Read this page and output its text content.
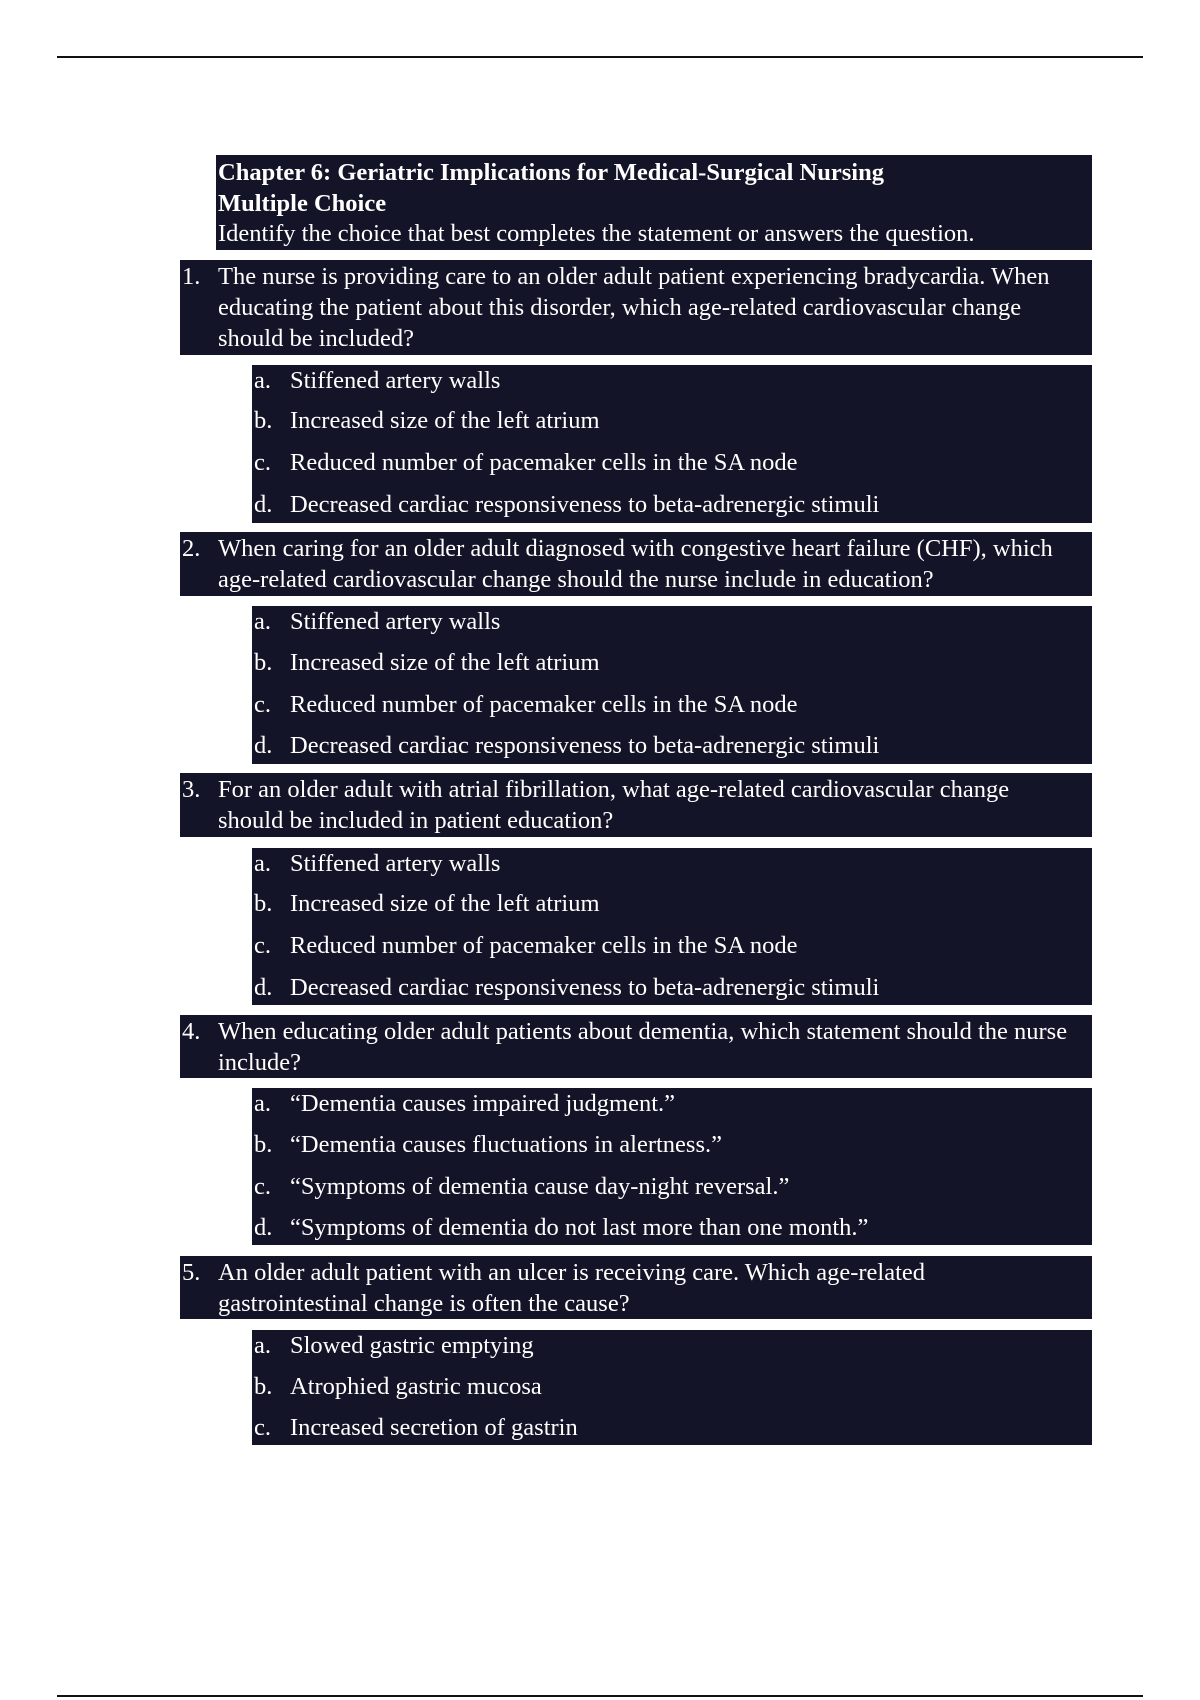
Chapter 6: Geriatric Implications for Medical-Surgical Nursing
Multiple Choice
Identify the choice that best completes the statement or answers the question.
1. The nurse is providing care to an older adult patient experiencing bradycardia. When educating the patient about this disorder, which age-related cardiovascular change should be included?
a. Stiffened artery walls
b. Increased size of the left atrium
c. Reduced number of pacemaker cells in the SA node
d. Decreased cardiac responsiveness to beta-adrenergic stimuli
2. When caring for an older adult diagnosed with congestive heart failure (CHF), which age-related cardiovascular change should the nurse include in education?
a. Stiffened artery walls
b. Increased size of the left atrium
c. Reduced number of pacemaker cells in the SA node
d. Decreased cardiac responsiveness to beta-adrenergic stimuli
3. For an older adult with atrial fibrillation, what age-related cardiovascular change should be included in patient education?
a. Stiffened artery walls
b. Increased size of the left atrium
c. Reduced number of pacemaker cells in the SA node
d. Decreased cardiac responsiveness to beta-adrenergic stimuli
4. When educating older adult patients about dementia, which statement should the nurse include?
a. “Dementia causes impaired judgment.”
b. “Dementia causes fluctuations in alertness.”
c. “Symptoms of dementia cause day-night reversal.”
d. “Symptoms of dementia do not last more than one month.”
5. An older adult patient with an ulcer is receiving care. Which age-related gastrointestinal change is often the cause?
a. Slowed gastric emptying
b. Atrophied gastric mucosa
c. Increased secretion of gastrin
